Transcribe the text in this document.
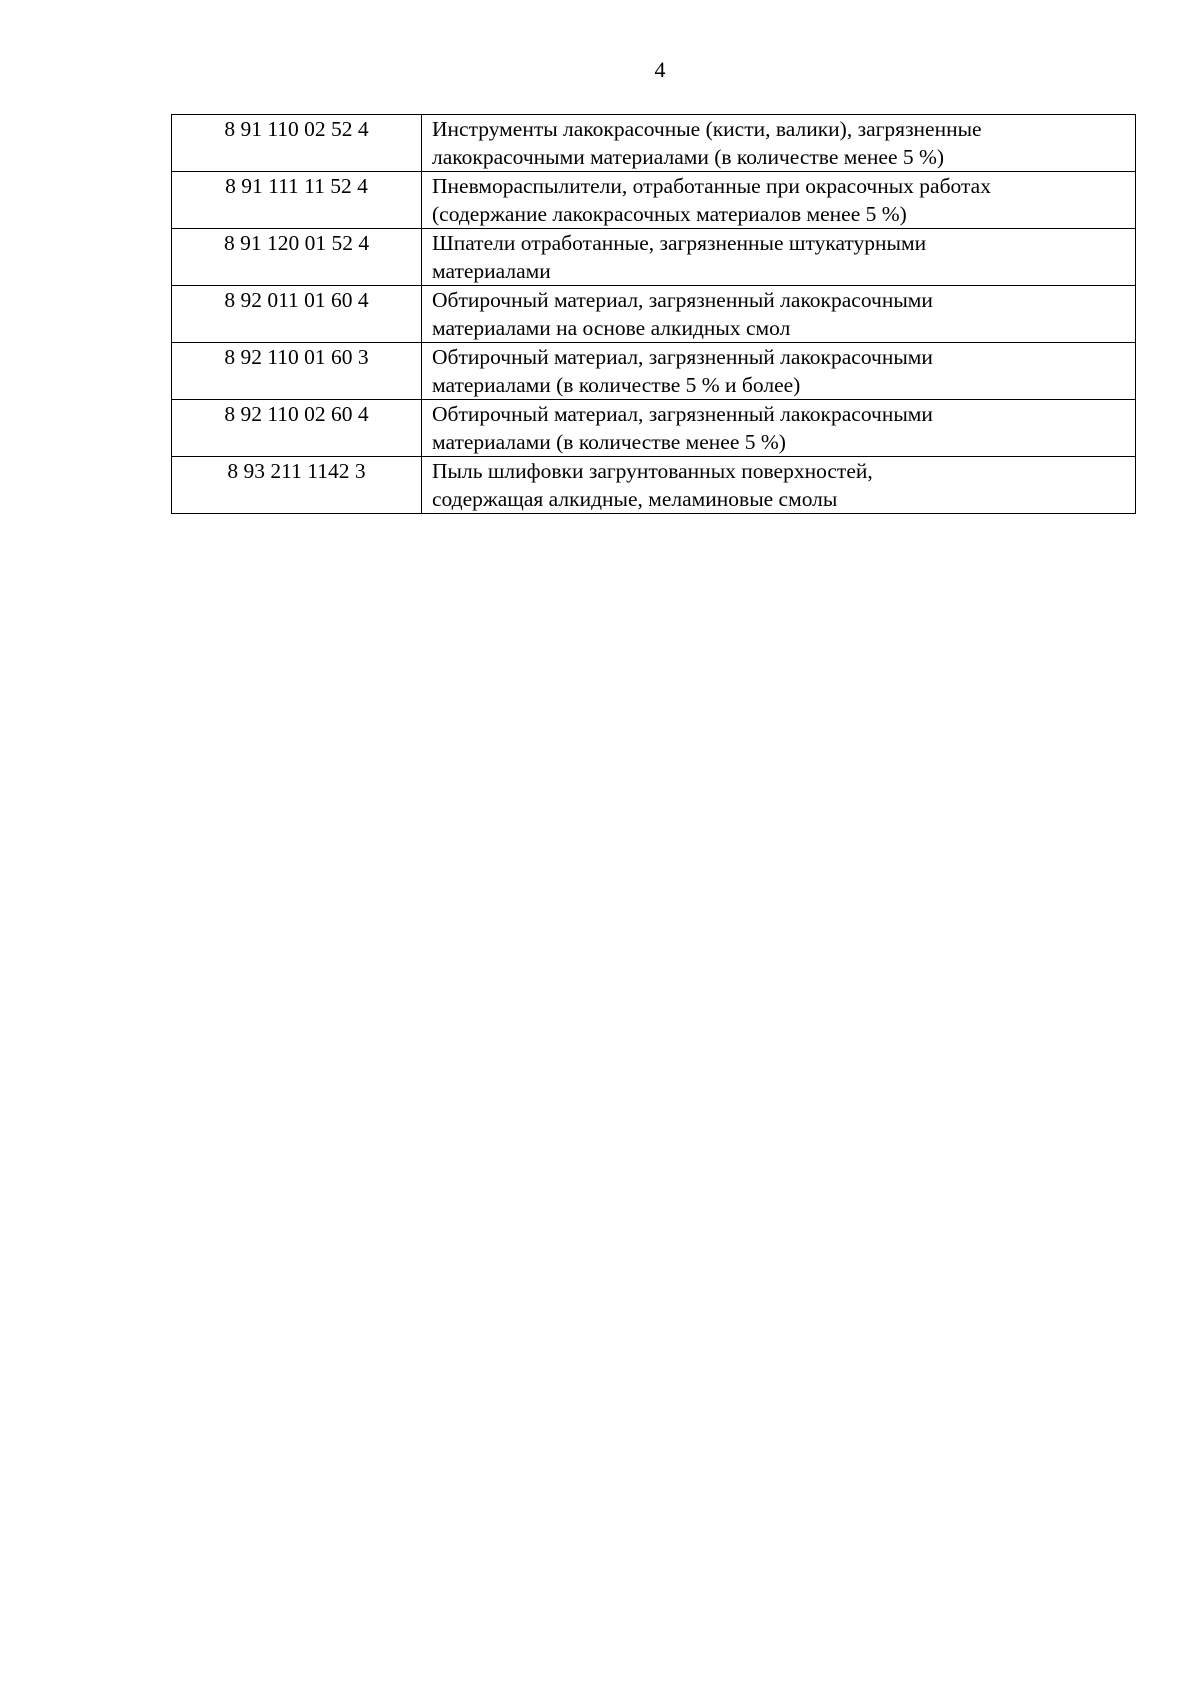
4
8 91 110 02 52 4	Инструменты лакокрасочные (кисти, валики), загрязненные
лакокрасочными материалами (в количестве менее 5 %)

8 91 111 11 52 4	Пневмораспылители, отработанные при окрасочных работах
(содержание лакокрасочных материалов менее 5 %)

8 91 120 01 52 4	Шпатели отработанные, загрязненные штукатурными
материалами

8 92 011 01 60 4	Обтирочный материал, загрязненный лакокрасочными
материалами на основе алкидных смол

8 92 110 01 60 3	Обтирочный материал, загрязненный лакокрасочными
материалами (в количестве 5 % и более)

8 92 110 02 60 4	Обтирочный материал, загрязненный лакокрасочными
материалами (в количестве менее 5 %)

8 93 211 1142 3	Пыль шлифовки загрунтованных поверхностей,
содержащая алкидные, меламиновые смолы
